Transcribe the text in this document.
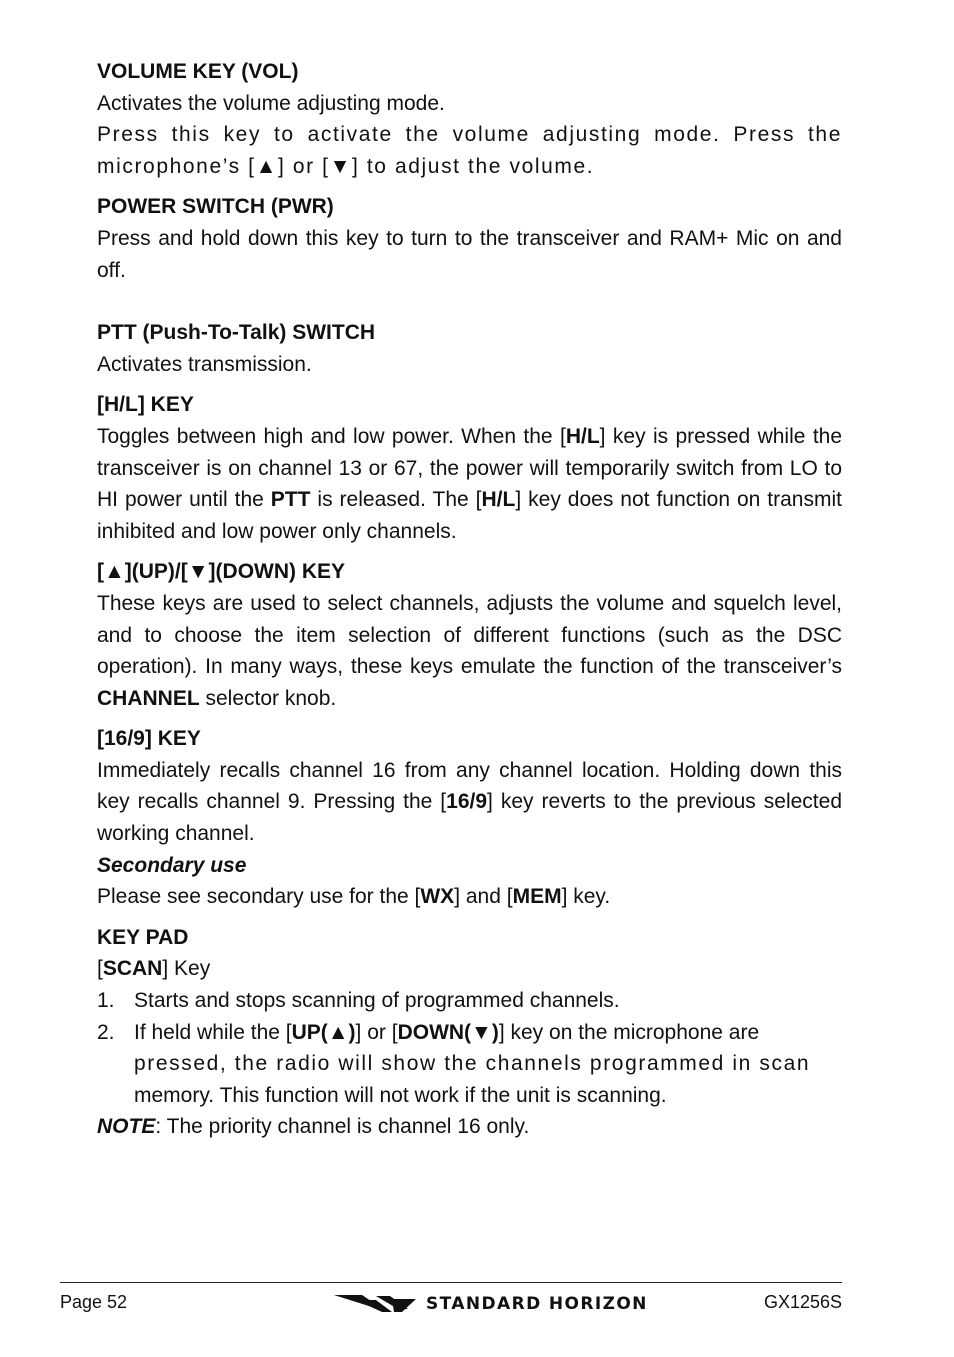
VOLUME KEY (VOL)
Activates the volume adjusting mode.
Press this key to activate the volume adjusting mode. Press the microphone’s [▲] or [▼] to adjust the volume.
POWER SWITCH (PWR)
Press and hold down this key to turn to the transceiver and RAM+ Mic on and off.
PTT (Push-To-Talk) SWITCH
Activates transmission.
[H/L] KEY
Toggles between high and low power. When the [H/L] key is pressed while the transceiver is on channel 13 or 67, the power will temporarily switch from LO to HI power until the PTT is released. The [H/L] key does not function on transmit inhibited and low power only channels.
[▲](UP)/[▼](DOWN) KEY
These keys are used to select channels, adjusts the volume and squelch level, and to choose the item selection of different functions (such as the DSC operation). In many ways, these keys emulate the function of the transceiver’s CHANNEL selector knob.
[16/9] KEY
Immediately recalls channel 16 from any channel location. Holding down this key recalls channel 9. Pressing the [16/9] key reverts to the previous selected working channel.
Secondary use
Please see secondary use for the [WX] and [MEM] key.
KEY PAD
[SCAN] Key
1. Starts and stops scanning of programmed channels.
2. If held while the [UP(▲)] or [DOWN(▼)] key on the microphone are
pressed, the radio will show the channels programmed in scan
memory. This function will not work if the unit is scanning.
NOTE: The priority channel is channel 16 only.
Page 52	STANDARD HORIZON	GX1256S
